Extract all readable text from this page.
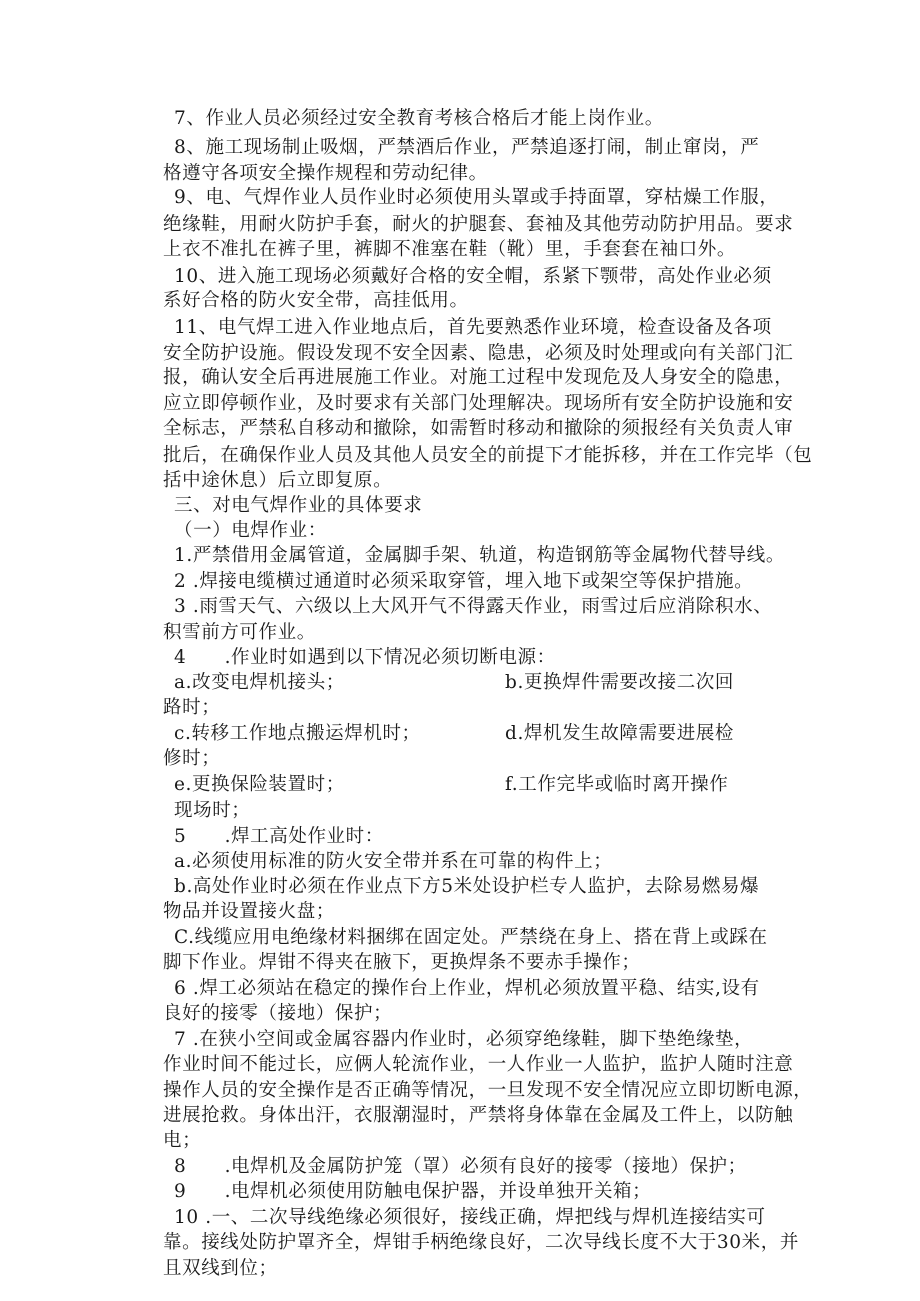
7、作业人员必须经过安全教育考核合格后才能上岗作业。
8、施工现场制止吸烟，严禁酒后作业，严禁追逐打闹，制止窜岗，严
格遵守各项安全操作规程和劳动纪律。
9、电、气焊作业人员作业时必须使用头罩或手持面罩，穿枯燥工作服，
绝缘鞋，用耐火防护手套，耐火的护腿套、套袖及其他劳动防护用品。要求
上衣不准扎在裤子里，裤脚不准塞在鞋（靴）里，手套套在袖口外。
10、进入施工现场必须戴好合格的安全帽，系紧下颚带，高处作业必须
系好合格的防火安全带，高挂低用。
11、电气焊工进入作业地点后，首先要熟悉作业环境，检查设备及各项
安全防护设施。假设发现不安全因素、隐患，必须及时处理或向有关部门汇
报，确认安全后再进展施工作业。对施工过程中发现危及人身安全的隐患，
应立即停顿作业，及时要求有关部门处理解决。现场所有安全防护设施和安
全标志，严禁私自移动和撤除，如需暂时移动和撤除的须报经有关负责人审
批后，在确保作业人员及其他人员安全的前提下才能拆移，并在工作完毕（包
括中途休息）后立即复原。
三、对电气焊作业的具体要求
（一）电焊作业：
1.严禁借用金属管道，金属脚手架、轨道，构造钢筋等金属物代替导线。
2 .焊接电缆横过通道时必须采取穿管，埋入地下或架空等保护措施。
3 .雨雪天气、六级以上大风开气不得露天作业，雨雪过后应消除积水、
积雪前方可作业。
4　　.作业时如遇到以下情况必须切断电源：
a.改变电焊机接头；	b.更换焊件需要改接二次回
路时；
c.转移工作地点搬运焊机时；	d.焊机发生故障需要进展检
修时；
e.更换保险装置时；	f.工作完毕或临时离开操作
现场时；
5　　.焊工高处作业时：
a.必须使用标准的防火安全带并系在可靠的构件上；
b.高处作业时必须在作业点下方5米处设护栏专人监护，去除易燃易爆
物品并设置接火盘；
C.线缆应用电绝缘材料捆绑在固定处。严禁绕在身上、搭在背上或踩在
脚下作业。焊钳不得夹在腋下，更换焊条不要赤手操作；
6 .焊工必须站在稳定的操作台上作业，焊机必须放置平稳、结实,设有
良好的接零（接地）保护；
7 .在狭小空间或金属容器内作业时，必须穿绝缘鞋，脚下垫绝缘垫，
作业时间不能过长，应俩人轮流作业，一人作业一人监护，监护人随时注意
操作人员的安全操作是否正确等情况，一旦发现不安全情况应立即切断电源，
进展抢救。身体出汗，衣服潮湿时，严禁将身体靠在金属及工件上，以防触
电；
8　　.电焊机及金属防护笼（罩）必须有良好的接零（接地）保护；
9　　.电焊机必须使用防触电保护器，并设单独开关箱；
10 .一、二次导线绝缘必须很好，接线正确，焊把线与焊机连接结实可
靠。接线处防护罩齐全，焊钳手柄绝缘良好，二次导线长度不大于30米，并
且双线到位；
